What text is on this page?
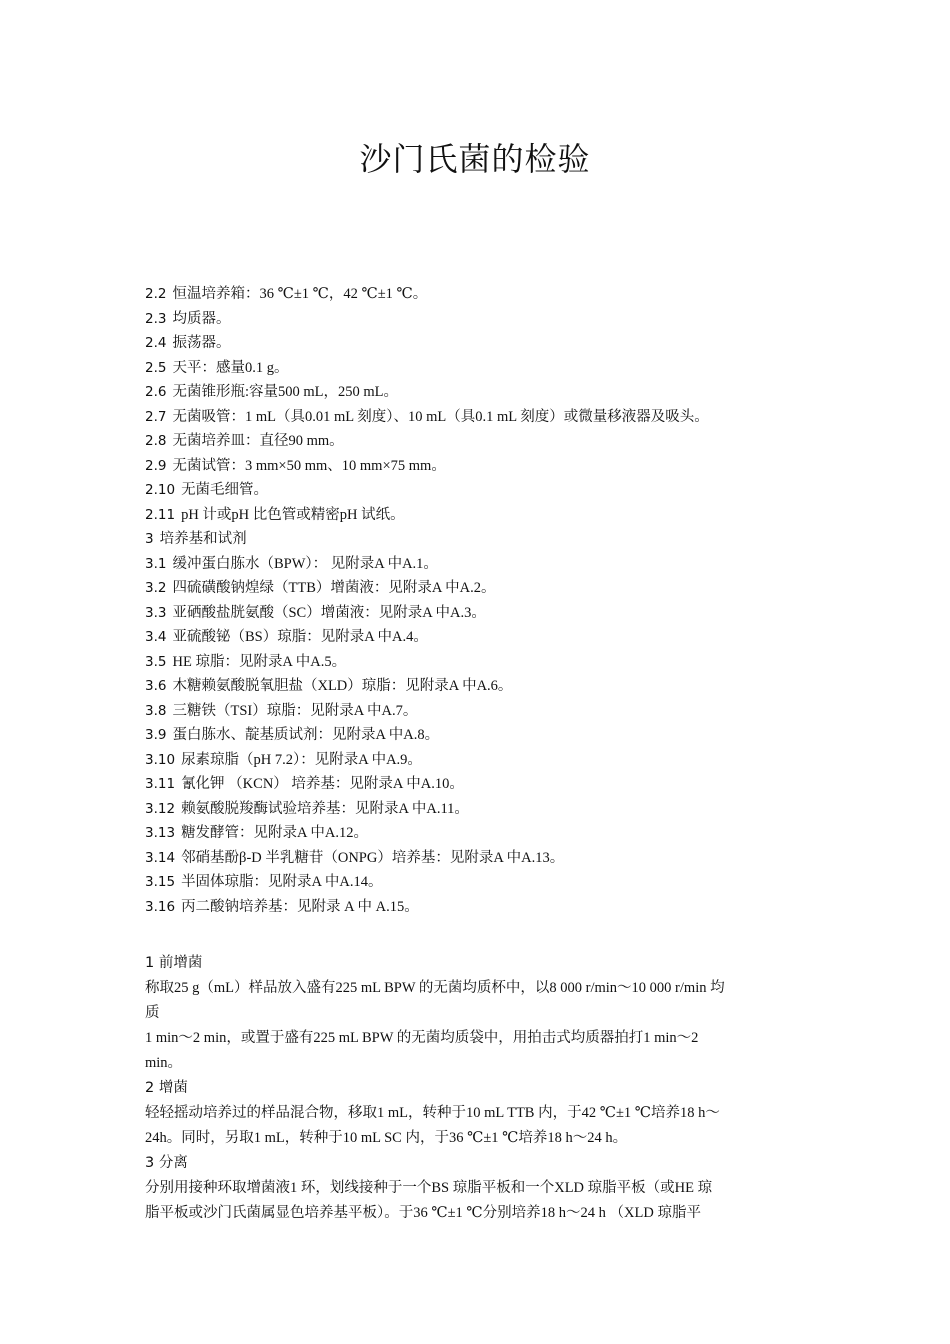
沙门氏菌的检验
2.2 恒温培养箱：36 ℃±1 ℃，42 ℃±1 ℃。
2.3 均质器。
2.4 振荡器。
2.5 天平：感量0.1 g。
2.6 无菌锥形瓶:容量500 mL，250 mL。
2.7 无菌吸管：1 mL（具0.01 mL 刻度）、10 mL（具0.1 mL 刻度）或微量移液器及吸头。
2.8 无菌培养皿：直径90 mm。
2.9 无菌试管：3 mm×50 mm、10 mm×75 mm。
2.10 无菌毛细管。
2.11 pH 计或pH 比色管或精密pH 试纸。
3 培养基和试剂
3.1 缓冲蛋白胨水（BPW）： 见附录A 中A.1。
3.2 四硫磺酸钠煌绿（TTB）增菌液：见附录A 中A.2。
3.3 亚硒酸盐胱氨酸（SC）增菌液：见附录A 中A.3。
3.4 亚硫酸铋（BS）琼脂：见附录A 中A.4。
3.5 HE 琼脂：见附录A 中A.5。
3.6 木糖赖氨酸脱氧胆盐（XLD）琼脂：见附录A 中A.6。
3.8 三糖铁（TSI）琼脂：见附录A 中A.7。
3.9 蛋白胨水、靛基质试剂：见附录A 中A.8。
3.10 尿素琼脂（pH 7.2）：见附录A 中A.9。
3.11 氰化钾 （KCN） 培养基：见附录A 中A.10。
3.12 赖氨酸脱羧酶试验培养基：见附录A 中A.11。
3.13 糖发酵管：见附录A 中A.12。
3.14 邻硝基酚β-D 半乳糖苷（ONPG）培养基：见附录A 中A.13。
3.15 半固体琼脂：见附录A 中A.14。
3.16 丙二酸钠培养基：见附录 A 中 A.15。
1 前增菌
称取25 g（mL）样品放入盛有225 mL BPW 的无菌均质杯中，以8 000 r/min～10 000 r/min 均
质
1 min～2 min，或置于盛有225 mL BPW 的无菌均质袋中，用拍击式均质器拍打1 min～2
min。
2 增菌
轻轻摇动培养过的样品混合物，移取1 mL，转种于10 mL TTB 内，于42 ℃±1 ℃培养18 h～
24h。同时，另取1 mL，转种于10 mL SC 内，于36 ℃±1 ℃培养18 h～24 h。
3 分离
分别用接种环取增菌液1 环，划线接种于一个BS 琼脂平板和一个XLD 琼脂平板（或HE 琼
脂平板或沙门氏菌属显色培养基平板）。于36 ℃±1 ℃分别培养18 h～24 h （XLD 琼脂平
